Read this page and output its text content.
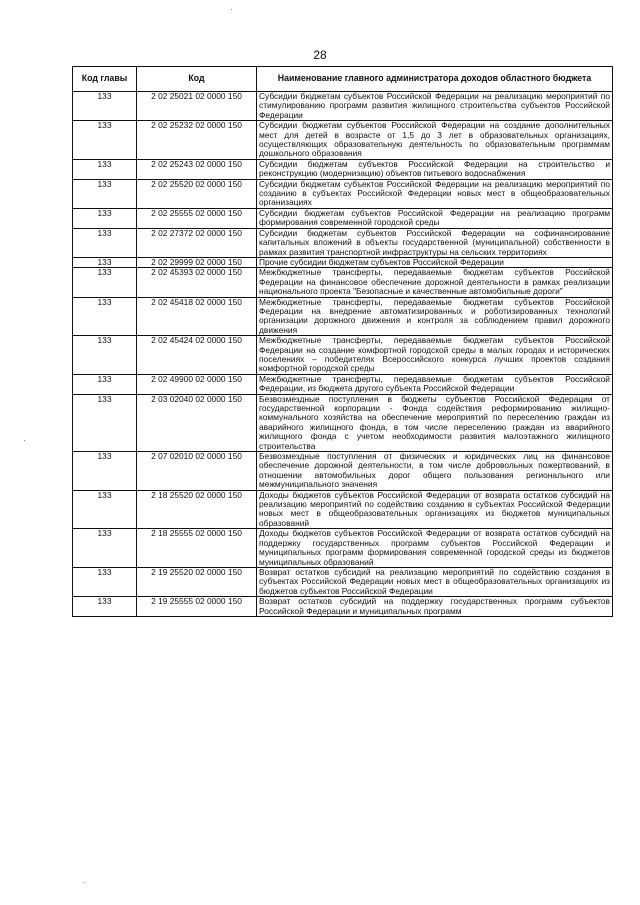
28
Код главы	Код	Наименование главного администратора доходов областного бюджета
133	2 02 25021 02 0000 150	Субсидии бюджетам субъектов Российской Федерации на реализацию мероприятий по стимулированию программ развития жилищного строительства субъектов Российской Федерации
133	2 02 25232 02 0000 150	Субсидии бюджетам субъектов Российской Федерации на создание дополнительных мест для детей в возрасте от 1,5 до 3 лет в образовательных организациях, осуществляющих образовательную деятельность по образовательным программам дошкольного образования
133	2 02 25243 02 0000 150	Субсидии бюджетам субъектов Российской Федерации на строительство и реконструкцию (модернизацию) объектов питьевого водоснабжения
133	2 02 25520 02 0000 150	Субсидии бюджетам субъектов Российской Федерации на реализацию мероприятий по созданию в субъектах Российской Федерации новых мест в общеобразовательных организациях
133	2 02 25555 02 0000 150	Субсидии бюджетам субъектов Российской Федерации на реализацию программ формирования современной городской среды
133	2 02 27372 02 0000 150	Субсидии бюджетам субъектов Российской Федерации на софинансирование капитальных вложений в объекты государственной (муниципальной) собственности в рамках развития транспортной инфраструктуры на сельских территориях
133	2 02 29999 02 0000 150	Прочие субсидии бюджетам субъектов Российской Федерации
133	2 02 45393 02 0000 150	Межбюджетные трансферты, передаваемые бюджетам субъектов Российской Федерации на финансовое обеспечение дорожной деятельности в рамках реализации национального проекта "Безопасные и качественные автомобильные дороги"
133	2 02 45418 02 0000 150	Межбюджетные трансферты, передаваемые бюджетам субъектов Российской Федерации на внедрение автоматизированных и роботизированных технологий организации дорожного движения и контроля за соблюдением правил дорожного движения
133	2 02 45424 02 0000 150	Межбюджетные трансферты, передаваемые бюджетам субъектов Российской Федерации на создание комфортной городской среды в малых городах и исторических поселениях – победителях Всероссийского конкурса лучших проектов создания комфортной городской среды
133	2 02 49900 02 0000 150	Межбюджетные трансферты, передаваемые бюджетам субъектов Российской Федерации, из бюджета другого субъекта Российской Федерации
133	2 03 02040 02 0000 150	Безвозмездные поступления в бюджеты субъектов Российской Федерации от государственной корпорации - Фонда содействия реформированию жилищно-коммунального хозяйства на обеспечение мероприятий по переселению граждан из аварийного жилищного фонда, в том числе переселению граждан из аварийного жилищного фонда с учетом необходимости развития малоэтажного жилищного строительства
133	2 07 02010 02 0000 150	Безвозмездные поступления от физических и юридических лиц на финансовое обеспечение дорожной деятельности, в том числе добровольных пожертвований, в отношении автомобильных дорог общего пользования регионального или межмуниципального значения
133	2 18 25520 02 0000 150	Доходы бюджетов субъектов Российской Федерации от возврата остатков субсидий на реализацию мероприятий по содействию созданию в субъектах Российской Федерации новых мест в общеобразовательных организациях из бюджетов муниципальных образований
133	2 18 25555 02 0000 150	Доходы бюджетов субъектов Российской Федерации от возврата остатков субсидий на поддержку государственных программ субъектов Российской Федерации и муниципальных программ формирования современной городской среды из бюджетов муниципальных образований
133	2 19 25520 02 0000 150	Возврат остатков субсидий на реализацию мероприятий по содействию создания в субъектах Российской Федерации новых мест в общеобразовательных организациях из бюджетов субъектов Российской Федерации
133	2 19 25555 02 0000 150	Возврат остатков субсидий на поддержку государственных программ субъектов Российской Федерации и муниципальных программ
